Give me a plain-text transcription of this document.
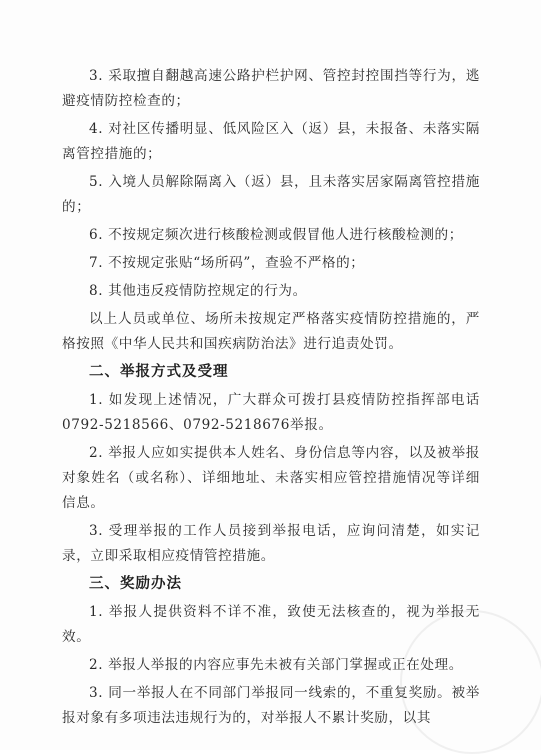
3. 采取擅自翻越高速公路护栏护网、管控封控围挡等行为，逃避疫情防控检查的；

4. 对社区传播明显、低风险区入（返）县，未报备、未落实隔离管控措施的；

5. 入境人员解除隔离入（返）县，且未落实居家隔离管控措施的；

6. 不按规定频次进行核酸检测或假冒他人进行核酸检测的；

7. 不按规定张贴“场所码”，查验不严格的；

8. 其他违反疫情防控规定的行为。

以上人员或单位、场所未按规定严格落实疫情防控措施的，严格按照《中华人民共和国疾病防治法》进行追责处罚。

二、举报方式及受理

1. 如发现上述情况，广大群众可拨打县疫情防控指挥部电话0792-5218566、0792-5218676举报。

2. 举报人应如实提供本人姓名、身份信息等内容，以及被举报对象姓名（或名称）、详细地址、未落实相应管控措施情况等详细信息。

3. 受理举报的工作人员接到举报电话，应询问清楚，如实记录，立即采取相应疫情管控措施。

三、奖励办法

1. 举报人提供资料不详不准，致使无法核查的，视为举报无效。

2. 举报人举报的内容应事先未被有关部门掌握或正在处理。

3. 同一举报人在不同部门举报同一线索的，不重复奖励。被举报对象有多项违法违规行为的，对举报人不累计奖励，以其
